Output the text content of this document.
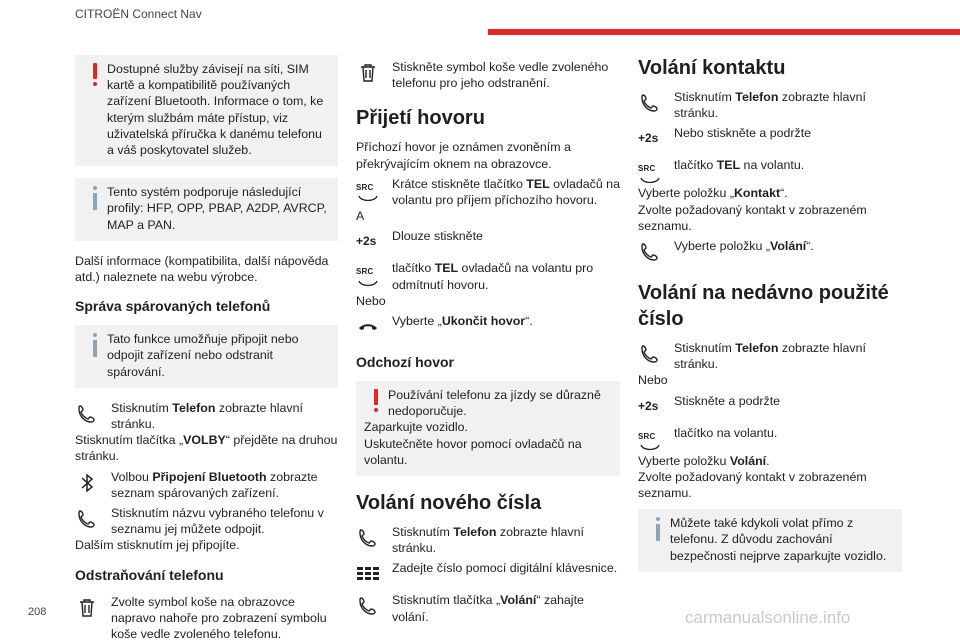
CITROËN Connect Nav

Dostupné služby závisejí na síti, SIM kartě a kompatibilitě používaných zařízení Bluetooth. Informace o tom, ke kterým službám máte přístup, viz uživatelská příručka k danému telefonu a váš poskytovatel služeb.

Tento systém podporuje následující profily: HFP, OPP, PBAP, A2DP, AVRCP, MAP a PAN.

Další informace (kompatibilita, další nápověda atd.) naleznete na webu výrobce.

Správa spárovaných telefonů

Tato funkce umožňuje připojit nebo odpojit zařízení nebo odstranit spárování.

Stisknutím Telefon zobrazte hlavní stránku.

Stisknutím tlačítka „VOLBY“ přejděte na druhou stránku.

Volbou Připojení Bluetooth zobrazte seznam spárovaných zařízení.
Stisknutím názvu vybraného telefonu v seznamu jej můžete odpojit.

Dalším stisknutím jej připojíte.

Odstraňování telefonu
Zvolte symbol koše na obrazovce napravo nahoře pro zobrazení symbolu koše vedle zvoleného telefonu.
Stiskněte symbol koše vedle zvoleného telefonu pro jeho odstranění.
Přijetí hovoru

Příchozí hovor je oznámen zvoněním a překrývajícím oknem na obrazovce.

SRC	Krátce stiskněte tlačítko TEL ovladačů na volantu pro příjem příchozího hovoru.

A

+2s Dlouze stiskněte
SRC	tlačítko TEL ovladačů na volantu pro odmítnutí hovoru.

Nebo

Vyberte „Ukončit hovor“.
Odchozí hovor

Používání telefonu za jízdy se důrazně nedoporučuje.

Zaparkujte vozidlo.

Uskutečněte hovor pomocí ovladačů na volantu.

Volání nového čísla
Stisknutím Telefon zobrazte hlavní stránku.
Zadejte číslo pomocí digitální klávesnice.
Stisknutím tlačítka „Volání“ zahajte volání.
Volání kontaktu
Stisknutím Telefon zobrazte hlavní stránku.
+2s Nebo stiskněte a podržte
SRC	tlačítko TEL na volantu.

Vyberte položku „Kontakt“.

Zvolte požadovaný kontakt v zobrazeném seznamu.

Vyberte položku „Volání“.
Volání na nedávno použité číslo
Stisknutím Telefon zobrazte hlavní stránku.

Nebo

+2s Stiskněte a podržte
SRC	tlačítko na volantu.

Vyberte položku Volání.

Zvolte požadovaný kontakt v zobrazeném seznamu.

Můžete také kdykoli volat přímo z telefonu. Z důvodu zachování bezpečnosti nejprve zaparkujte vozidlo.

208	carmanualsonline.info
